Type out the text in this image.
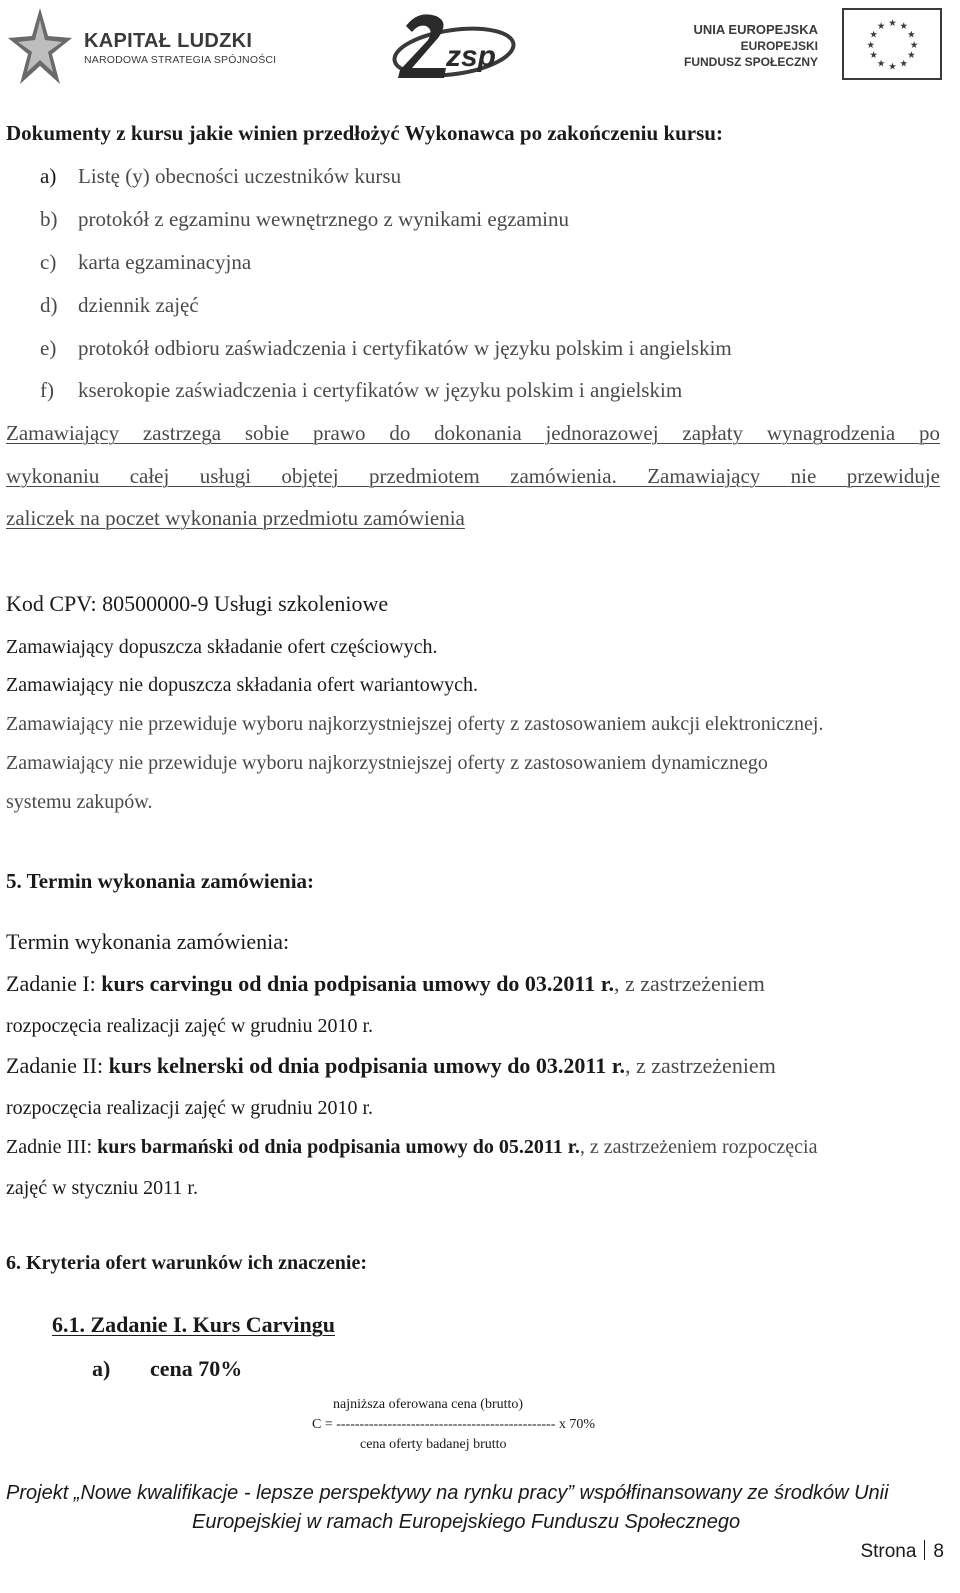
KAPITAŁ LUDZKI
NARODOWA STRATEGIA SPÓJNOŚCI	zsp
UNIA EUROPEJSKA
EUROPEJSKI
FUNDUSZ SPOŁECZNY
★ ★
★
★
★
★
★
★
★
★
★
★
Dokumenty z kursu jakie winien przedłożyć Wykonawca po zakończeniu kursu:
a) Listę (y) obecności uczestników kursu
b) protokół z egzaminu wewnętrznego z wynikami egzaminu
c) karta egzaminacyjna
d) dziennik zajęć
e) protokół odbioru zaświadczenia i certyfikatów w języku polskim i angielskim
f) kserokopie zaświadczenia i certyfikatów w języku polskim i angielskim
Zamawiający zastrzega sobie prawo do dokonania jednorazowej zapłaty wynagrodzenia po
wykonaniu całej usługi objętej przedmiotem zamówienia. Zamawiający nie przewiduje
zaliczek na poczet wykonania przedmiotu zamówienia
Kod CPV: 80500000-9 Usługi szkoleniowe
Zamawiający dopuszcza składanie ofert częściowych.
Zamawiający nie dopuszcza składania ofert wariantowych.
Zamawiający nie przewiduje wyboru najkorzystniejszej oferty z zastosowaniem aukcji elektronicznej.
Zamawiający nie przewiduje wyboru najkorzystniejszej oferty z zastosowaniem dynamicznego
systemu zakupów.
5. Termin wykonania zamówienia:
Termin wykonania zamówienia:
Zadanie I: kurs carvingu od dnia podpisania umowy do 03.2011 r., z zastrzeżeniem
rozpoczęcia realizacji zajęć w grudniu 2010 r.
Zadanie II: kurs kelnerski od dnia podpisania umowy do 03.2011 r., z zastrzeżeniem
rozpoczęcia realizacji zajęć w grudniu 2010 r.
Zadnie III: kurs barmański od dnia podpisania umowy do 05.2011 r., z zastrzeżeniem rozpoczęcia
zajęć w styczniu 2011 r.
6. Kryteria ofert warunków ich znaczenie:
6.1. Zadanie I. Kurs Carvingu
a) cena 70%
najniższa oferowana cena (brutto)
C = ----------------------------------------------- x 70%
cena oferty badanej brutto
Projekt „Nowe kwalifikacje - lepsze perspektywy na rynku pracy” współfinansowany ze środków Unii
Europejskiej w ramach Europejskiego Funduszu Społecznego
Strona 8
